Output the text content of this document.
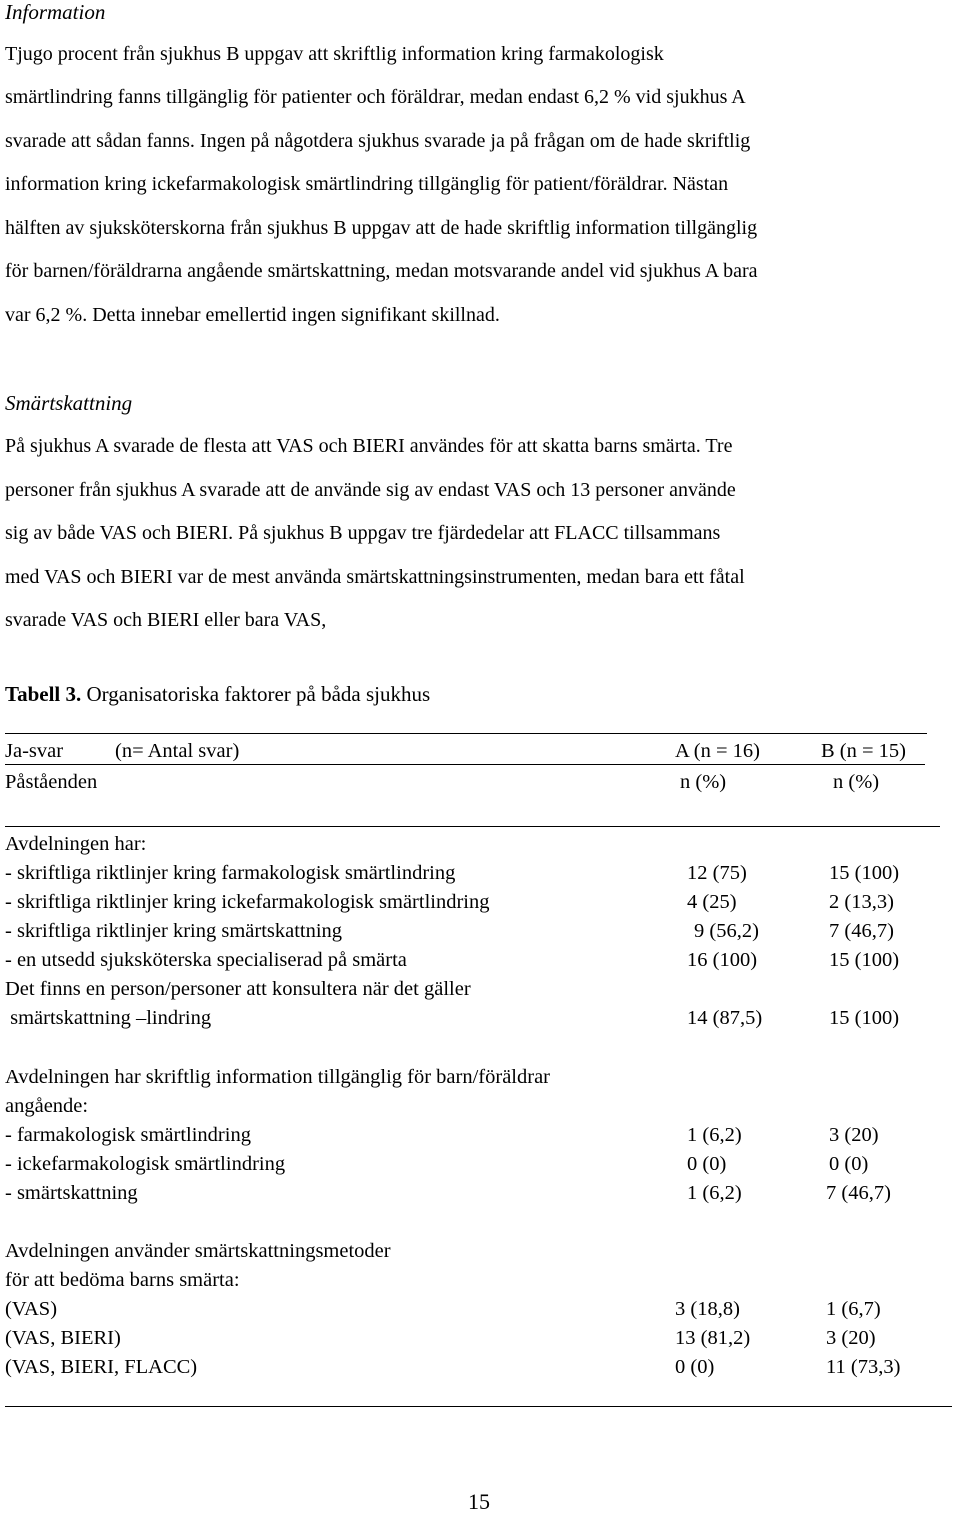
Information
Tjugo procent från sjukhus B uppgav att skriftlig information kring farmakologisk
smärtlindring fanns tillgänglig för patienter och föräldrar, medan endast 6,2 % vid sjukhus A
svarade att sådan fanns. Ingen på någotdera sjukhus svarade ja på frågan om de hade skriftlig
information kring ickefarmakologisk smärtlindring tillgänglig för patient/föräldrar. Nästan
hälften av sjuksköterskorna från sjukhus B uppgav att de hade skriftlig information tillgänglig
för barnen/föräldrarna angående smärtskattning, medan motsvarande andel vid sjukhus A bara
var 6,2 %. Detta innebar emellertid ingen signifikant skillnad.
Smärtskattning
På sjukhus A svarade de flesta att VAS och BIERI användes för att skatta barns smärta. Tre
personer från sjukhus A svarade att de använde sig av endast VAS och 13 personer använde
sig av både VAS och BIERI. På sjukhus B uppgav tre fjärdedelar att FLACC tillsammans
med VAS och BIERI var de mest använda smärtskattningsinstrumenten, medan bara ett fåtal
svarade VAS och BIERI eller bara VAS,
Tabell 3. Organisatoriska faktorer på båda sjukhus
Ja-svar	(n= Antal svar)	A (n = 16)	B (n = 15)
Påståenden	n (%)	n (%)
Avdelningen har:
- skriftliga riktlinjer kring farmakologisk smärtlindring	12 (75)	15 (100)
- skriftliga riktlinjer kring ickefarmakologisk smärtlindring	4 (25)	2 (13,3)
- skriftliga riktlinjer kring smärtskattning	9 (56,2)	7 (46,7)
- en utsedd sjuksköterska specialiserad på smärta	16 (100)	15 (100)
Det finns en person/personer att konsultera när det gäller
smärtskattning –lindring	14 (87,5)	15 (100)
Avdelningen har skriftlig information tillgänglig för barn/föräldrar
angående:
- farmakologisk smärtlindring	1 (6,2)	3 (20)
- ickefarmakologisk smärtlindring	0 (0)	0 (0)
- smärtskattning	1 (6,2)	7 (46,7)
Avdelningen använder smärtskattningsmetoder
för att bedöma barns smärta:
(VAS)	3 (18,8)	1 (6,7)
(VAS, BIERI)	13 (81,2)	3 (20)
(VAS, BIERI, FLACC)	0 (0)	11 (73,3)
15
